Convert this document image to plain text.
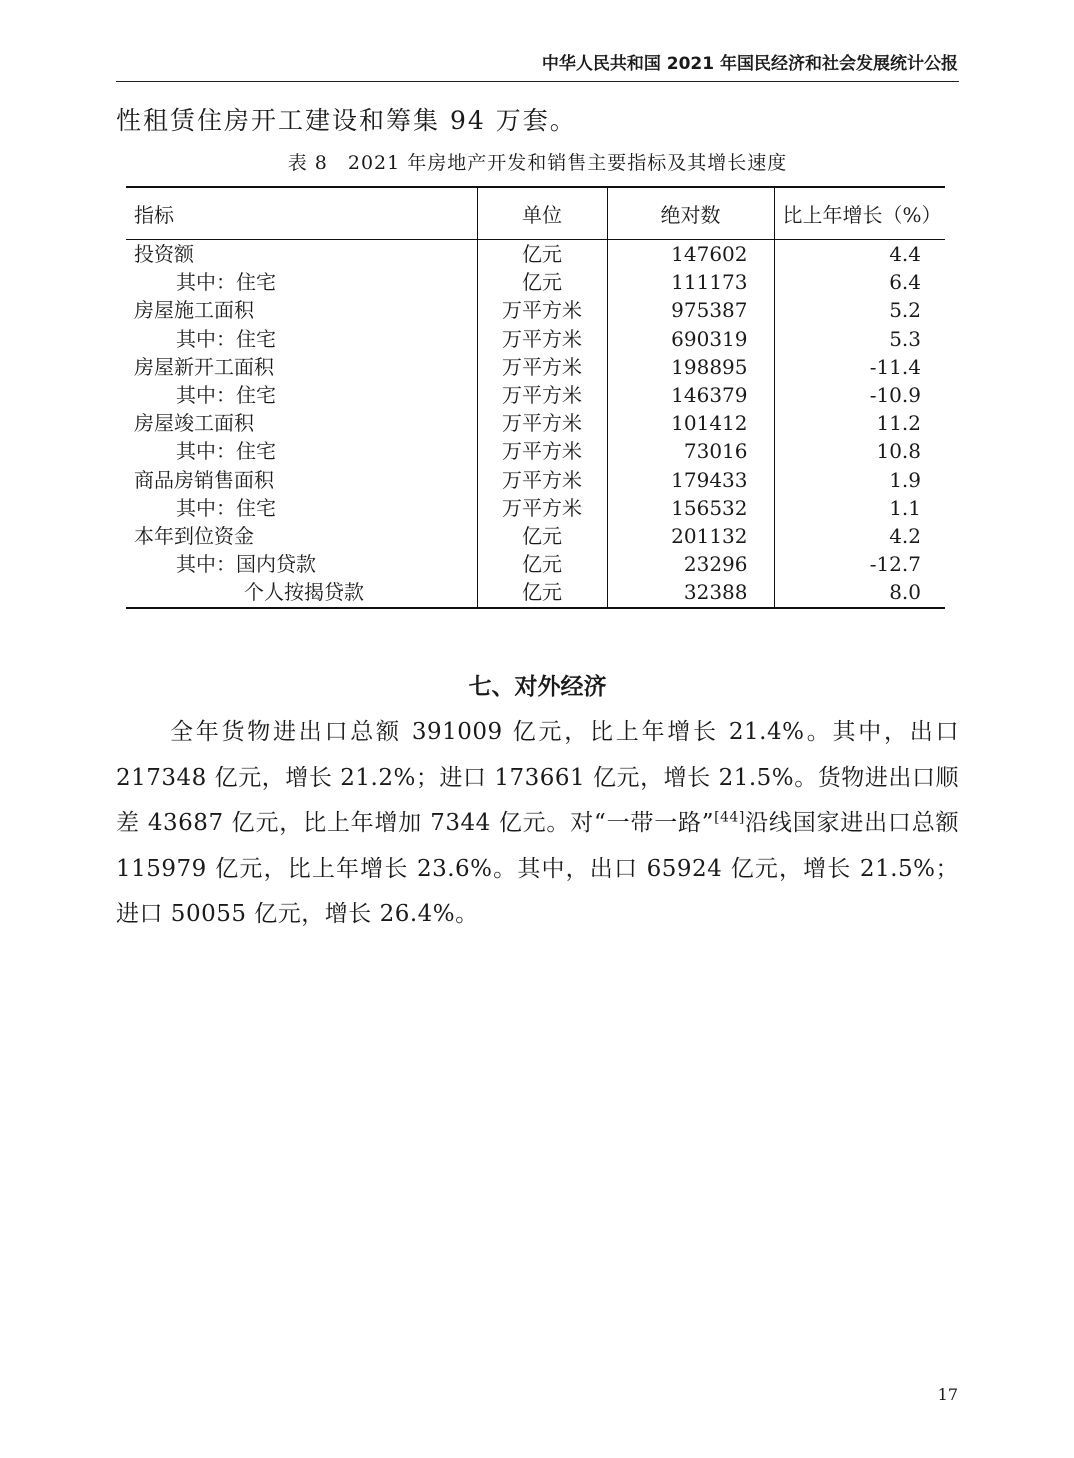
中华人民共和国 2021 年国民经济和社会发展统计公报
性租赁住房开工建设和筹集 94 万套。
表 8　2021 年房地产开发和销售主要指标及其增长速度
指标	单位	绝对数	比上年增长（%）
投资额	亿元	147602	4.4
其中：住宅	亿元	111173	6.4
房屋施工面积	万平方米	975387	5.2
其中：住宅	万平方米	690319	5.3
房屋新开工面积	万平方米	198895	-11.4
其中：住宅	万平方米	146379	-10.9
房屋竣工面积	万平方米	101412	11.2
其中：住宅	万平方米	73016	10.8
商品房销售面积	万平方米	179433	1.9
其中：住宅	万平方米	156532	1.1
本年到位资金	亿元	201132	4.2
其中：国内贷款	亿元	23296	-12.7
个人按揭贷款	亿元	32388	8.0
七、对外经济

全年货物进出口总额 391009 亿元，比上年增长 21.4%。其中，出口 217348 亿元，增长 21.2%；进口 173661 亿元，增长 21.5%。货物进出口顺差 43687 亿元，比上年增加 7344 亿元。对“一带一路”[44]沿线国家进出口总额 115979 亿元，比上年增长 23.6%。其中，出口 65924 亿元，增长 21.5%；进口 50055 亿元，增长 26.4%。

17
